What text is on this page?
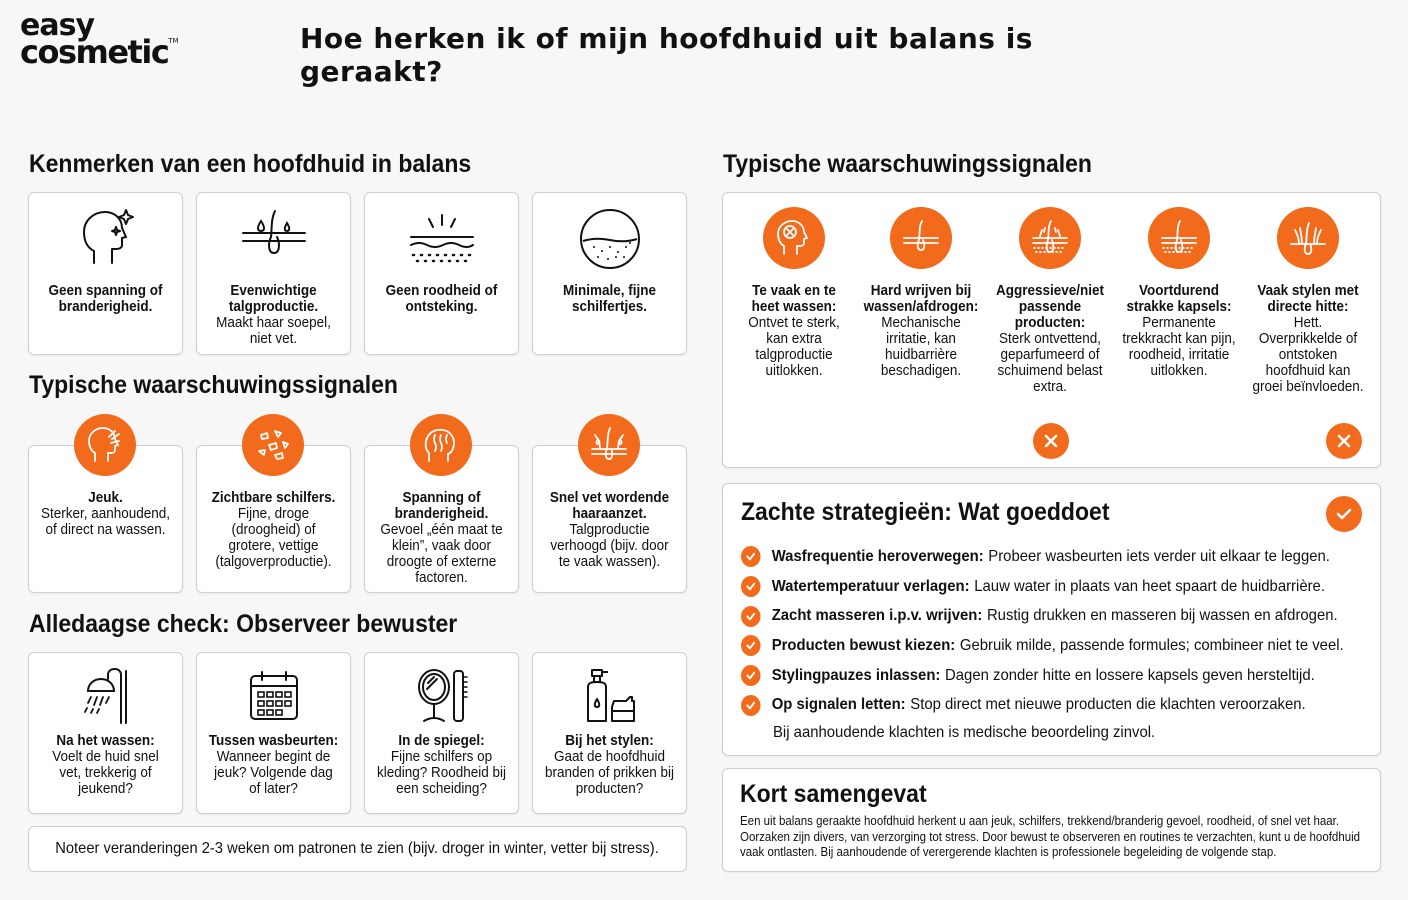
easy
cosmetic™	Hoe herken ik of mijn hoofdhuid uit balans is geraakt?
Kenmerken van een hoofdhuid in balans
Geen spanning of branderigheid.
Evenwichtige talgproductie.
Maakt haar soepel, niet vet.
Geen roodheid of ontsteking.
Minimale, fijne schilfertjes.
Typische waarschuwingssignalen
Jeuk.
Sterker, aanhoudend, of direct na wassen.
Zichtbare schilfers.
Fijne, droge (droogheid) of grotere, vettige (talgoverproductie).
Spanning of branderigheid.
Gevoel „één maat te klein”, vaak door droogte of externe factoren.
Snel vet wordende haaraanzet.
Talgproductie verhoogd (bijv. door te vaak wassen).
Alledaagse check: Observeer bewuster
Na het wassen:
Voelt de huid snel vet, trekkerig of jeukend?
Tussen wasbeurten:
Wanneer begint de jeuk? Volgende dag of later?
In de spiegel:
Fijne schilfers op kleding? Roodheid bij een scheiding?
Bij het stylen:
Gaat de hoofdhuid branden of prikken bij producten?
Noteer veranderingen 2-3 weken om patronen te zien (bijv. droger in winter, vetter bij stress).
Typische waarschuwingssignalen
Te vaak en te heet wassen:
Ontvet te sterk, kan extra talgproductie uitlokken.
Hard wrijven bij wassen/afdrogen:
Mechanische irritatie, kan huidbarrière beschadigen.
Aggressieve/niet passende producten:
Sterk ontvettend, geparfumeerd of schuimend belast extra.
Voortdurend strakke kapsels:
Permanente trekkracht kan pijn, roodheid, irritatie uitlokken.
Vaak stylen met directe hitte:
Hett. Overprikkelde of ontstoken hoofdhuid kan groei beïnvloeden.
Zachte strategieën: Wat goeddoet
Wasfrequentie heroverwegen: Probeer wasbeurten iets verder uit elkaar te leggen.
Watertemperatuur verlagen: Lauw water in plaats van heet spaart de huidbarrière.
Zacht masseren i.p.v. wrijven: Rustig drukken en masseren bij wassen en afdrogen.
Producten bewust kiezen: Gebruik milde, passende formules; combineer niet te veel.
Stylingpauzes inlassen: Dagen zonder hitte en lossere kapsels geven hersteltijd.
Op signalen letten: Stop direct met nieuwe producten die klachten veroorzaken.
Bij aanhoudende klachten is medische beoordeling zinvol.
Kort samengevat
Een uit balans geraakte hoofdhuid herkent u aan jeuk, schilfers, trekkend/branderig gevoel, roodheid, of snel vet haar. Oorzaken zijn divers, van verzorging tot stress. Door bewust te observeren en routines te verzachten, kunt u de hoofdhuid vaak ontlasten. Bij aanhoudende of verergerende klachten is professionele begeleiding de volgende stap.
